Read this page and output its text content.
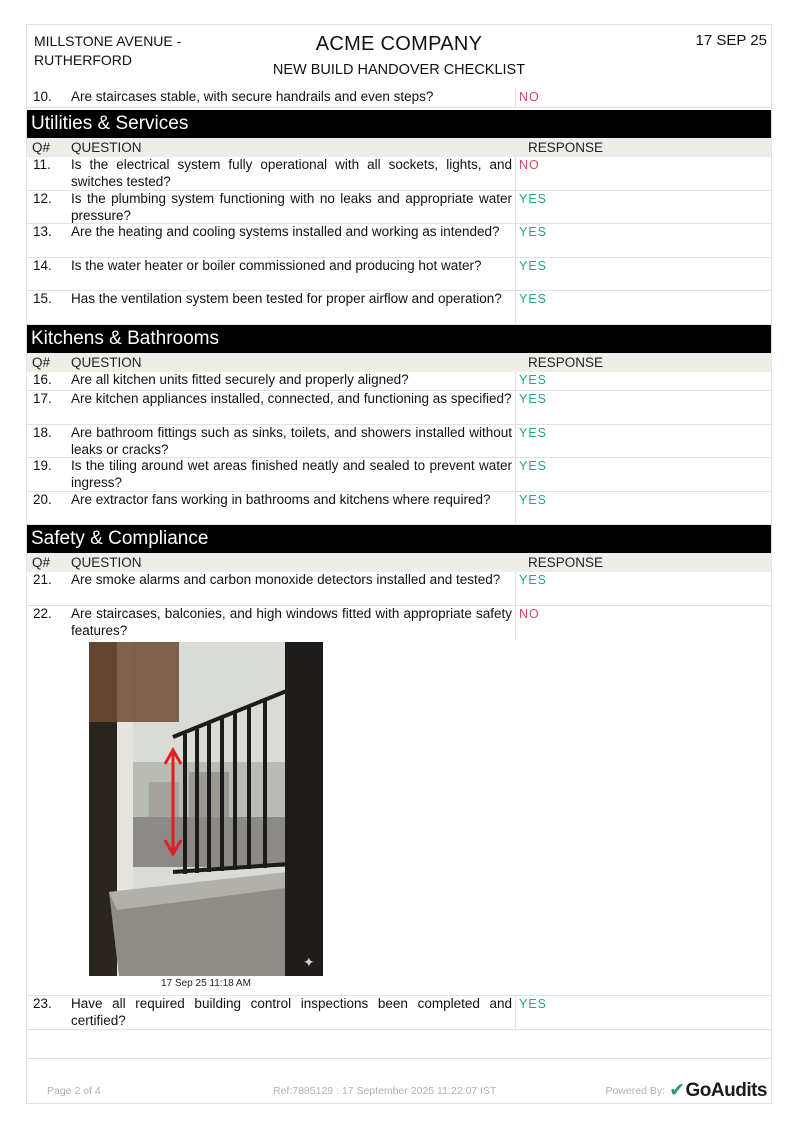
MILLSTONE AVENUE -
RUTHERFORD
ACME COMPANY
NEW BUILD HANDOVER CHECKLIST
17 SEP 25
10.	Are staircases stable, with secure handrails and even steps?	NO
Utilities & Services
Q#	QUESTION	RESPONSE
11.	Is the electrical system fully operational with all sockets, lights, and switches tested?
NO
12.	Is the plumbing system functioning with no leaks and appropriate water pressure?
YES
13.	Are the heating and cooling systems installed and working as intended?	YES
14.	Is the water heater or boiler commissioned and producing hot water?	YES
15.	Has the ventilation system been tested for proper airflow and operation?	YES
Kitchens & Bathrooms
Q#	QUESTION	RESPONSE
16.	Are all kitchen units fitted securely and properly aligned?	YES
17.	Are kitchen appliances installed, connected, and functioning as specified? YES
18.	Are bathroom fittings such as sinks, toilets, and showers installed without leaks or cracks?
YES
19.	Is the tiling around wet areas finished neatly and sealed to prevent water ingress?
YES
20.	Are extractor fans working in bathrooms and kitchens where required?	YES
Safety & Compliance
Q#	QUESTION	RESPONSE
21.	Are smoke alarms and carbon monoxide detectors installed and tested?	YES
22.	Are staircases, balconies, and high windows fitted with appropriate safety features?
NO
✦
17 Sep 25 11:18 AM
23.	Have all required building control inspections been completed and certified?
YES
Page 2 of 4	Ref:7885129 : 17 September 2025 11:22:07 IST	Powered By: ✔GoAudits
